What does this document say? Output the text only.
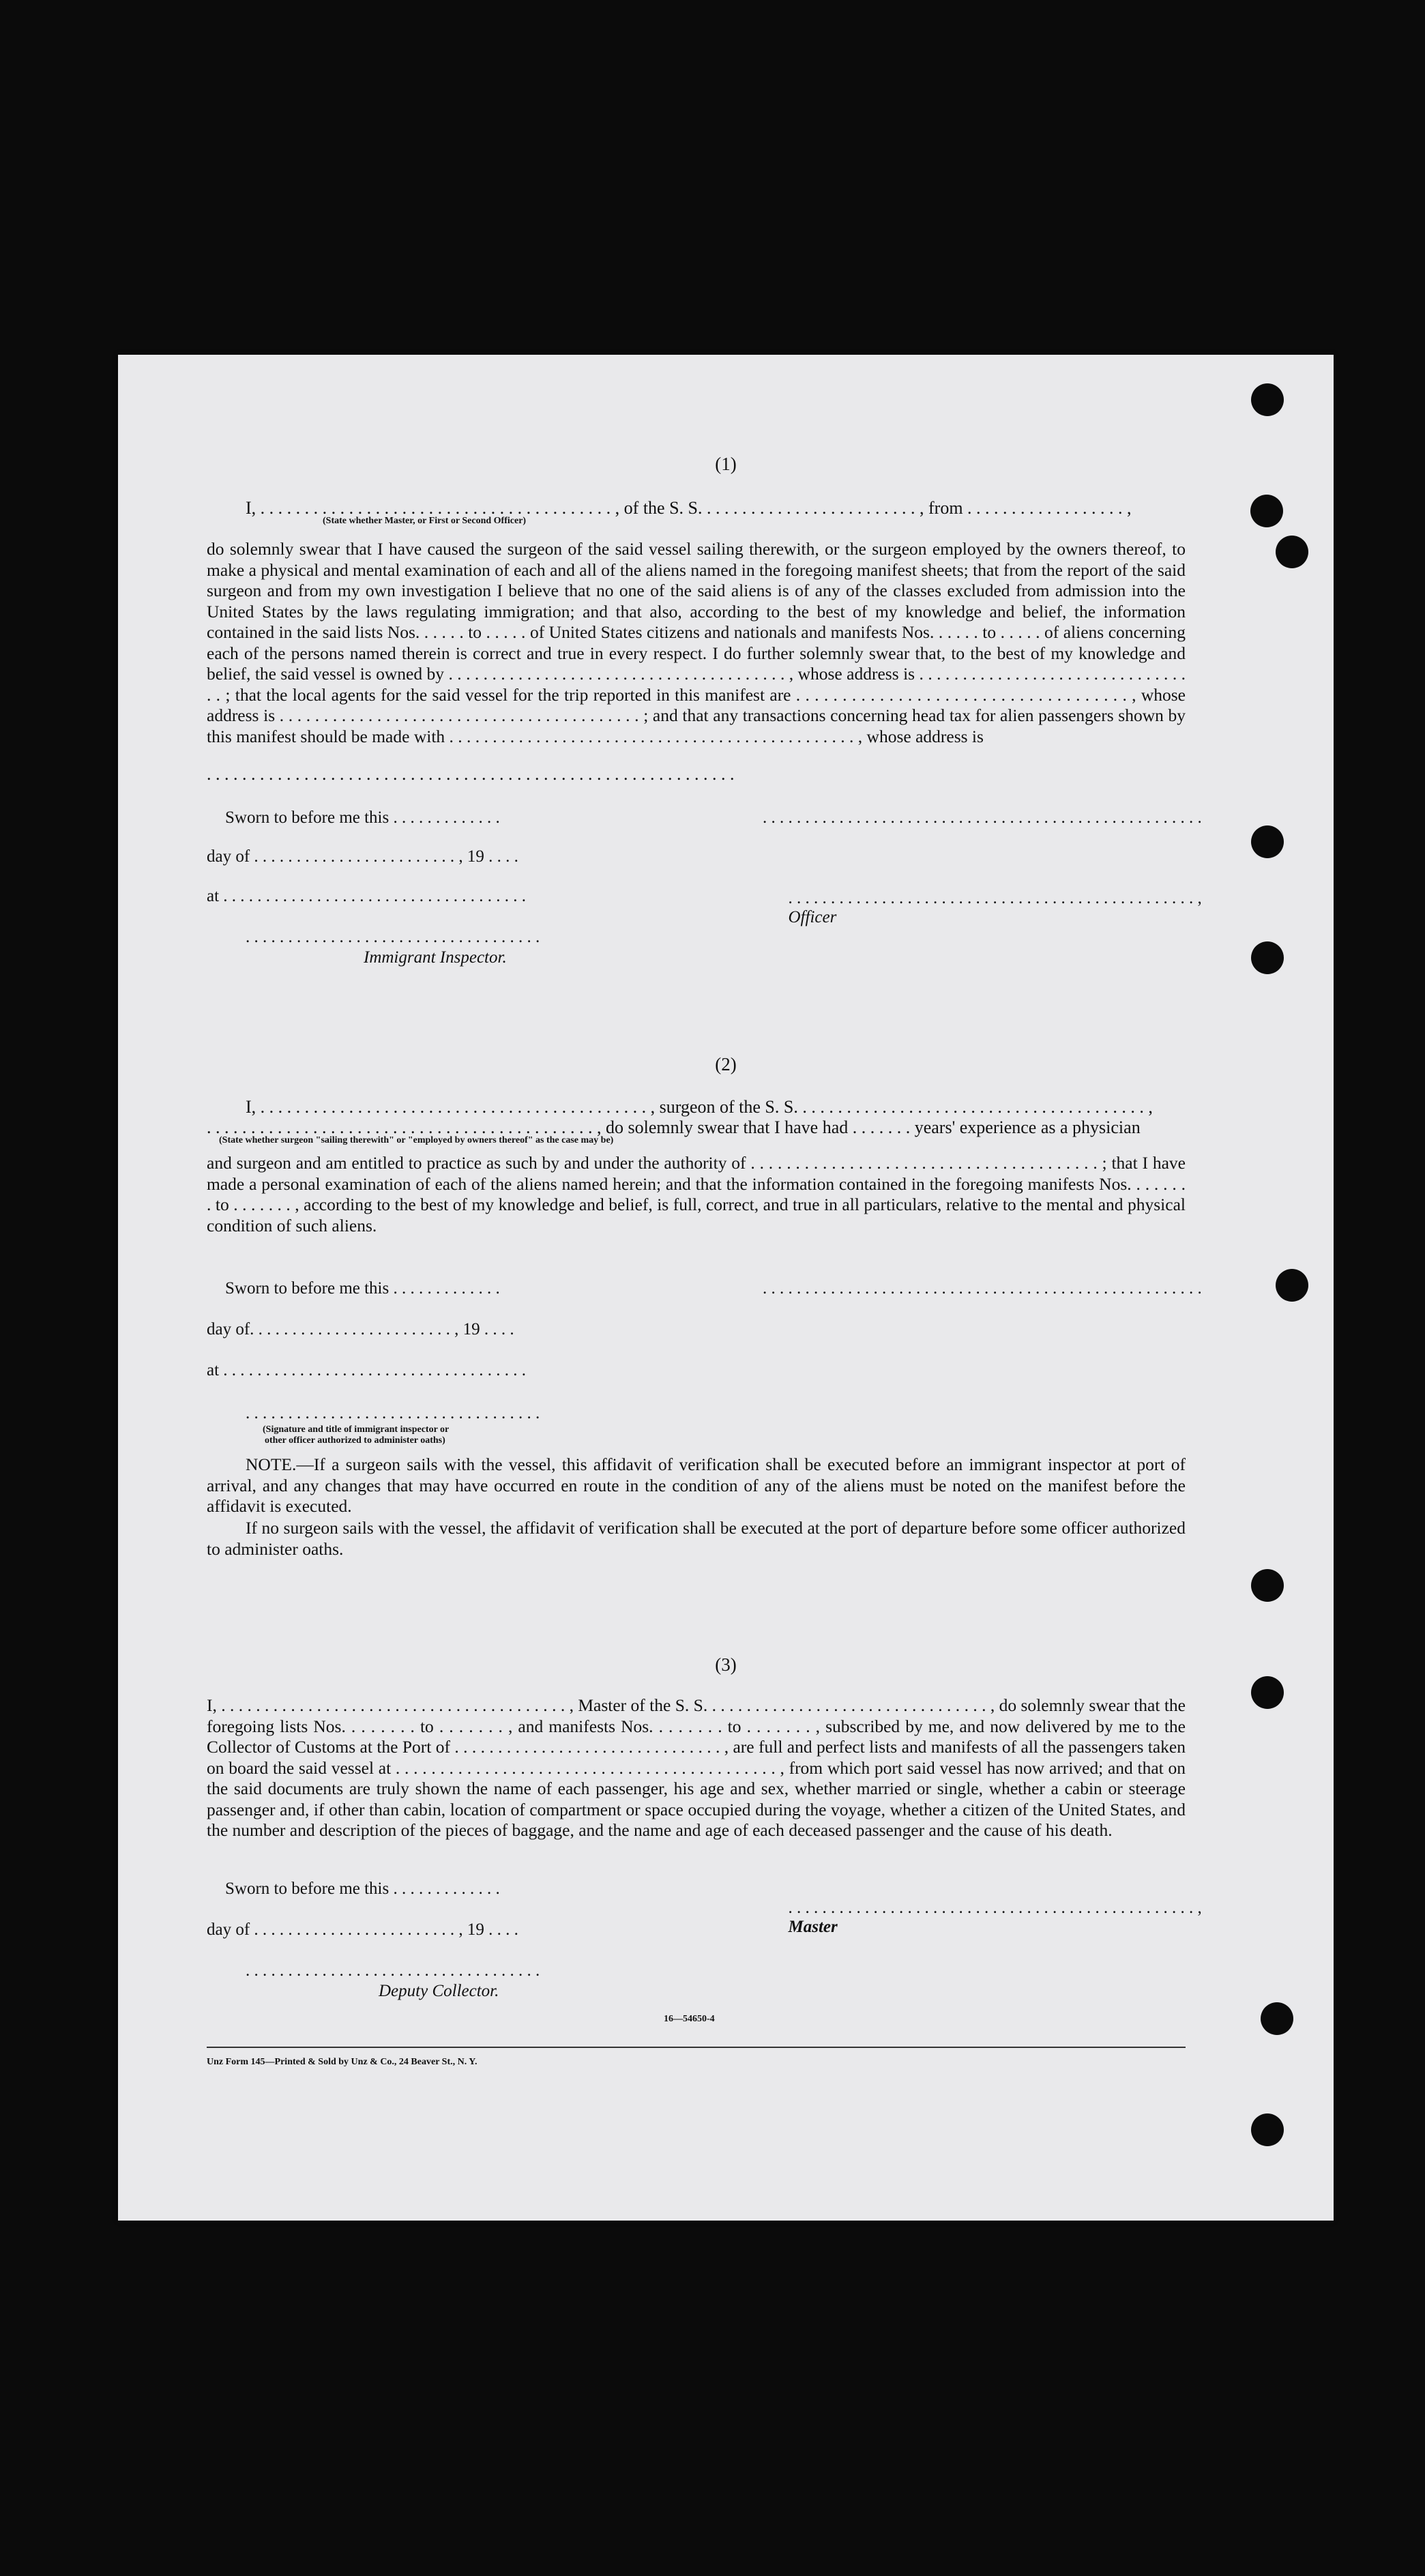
(1)
I, . . . . . . . . . . . . . . . . . . . . . . . . . . . . . . . . . . . . . . . . , of the S. S. . . . . . . . . . . . . . . . . . . . . . . . . , from . . . . . . . . . . . . . . . . . . ,
(State whether Master, or First or Second Officer)
do solemnly swear that I have caused the surgeon of the said vessel sailing therewith, or the surgeon employed by the owners thereof, to make a physical and mental examination of each and all of the aliens named in the foregoing manifest sheets; that from the report of the said surgeon and from my own investigation I believe that no one of the said aliens is of any of the classes excluded from admission into the United States by the laws regulating immigration; and that also, according to the best of my knowledge and belief, the information contained in the said lists Nos. . . . . . to . . . . . of United States citizens and nationals and manifests Nos. . . . . . to . . . . . of aliens concerning each of the persons named therein is correct and true in every respect. I do further solemnly swear that, to the best of my knowledge and belief, the said vessel is owned by . . . . . . . . . . . . . . . . . . . . . . . . . . . . . . . . . . . . . . . , whose address is . . . . . . . . . . . . . . . . . . . . . . . . . . . . . . . . . ; that the local agents for the said vessel for the trip reported in this manifest are . . . . . . . . . . . . . . . . . . . . . . . . . . . . . . . . . . . . , whose address is . . . . . . . . . . . . . . . . . . . . . . . . . . . . . . . . . . . . . . . . . ; and that any transactions concerning head tax for alien passengers shown by this manifest should be made with . . . . . . . . . . . . . . . . . . . . . . . . . . . . . . . . . . . . . . . . . . . . . . . , whose address is
. . . . . . . . . . . . . . . . . . . . . . . . . . . . . . . . . . . . . . . . . . . . . . . . . . . . . . . . . . . .
Sworn to before me this . . . . . . . . . . . . .	. . . . . . . . . . . . . . . . . . . . . . . . . . . . . . . . . . . . . . . . . . . . . . . . . . . .
day of . . . . . . . . . . . . . . . . . . . . . . . . , 19 . . . .

. . . . . . . . . . . . . . . . . . . . . . . . . . . . . . . . . . . . . . . . . . . . . . . . ,
Officer

at . . . . . . . . . . . . . . . . . . . . . . . . . . . . . . . . . . . .
. . . . . . . . . . . . . . . . . . . . . . . . . . . . . . . . . . .
Immigrant Inspector.
(2)
I, . . . . . . . . . . . . . . . . . . . . . . . . . . . . . . . . . . . . . . . . . . . . , surgeon of the S. S. . . . . . . . . . . . . . . . . . . . . . . . . . . . . . . . . . . . . . . . ,
. . . . . . . . . . . . . . . . . . . . . . . . . . . . . . . . . . . . . . . . . . . . , do solemnly swear that I have had . . . . . . . years' experience as a physician
(State whether surgeon "sailing therewith" or "employed by owners thereof" as the case may be)
and surgeon and am entitled to practice as such by and under the authority of . . . . . . . . . . . . . . . . . . . . . . . . . . . . . . . . . . . . . . . ; that I have made a personal examination of each of the aliens named herein; and that the information contained in the foregoing manifests Nos. . . . . . . . to . . . . . . . , according to the best of my knowledge and belief, is full, correct, and true in all particulars, relative to the mental and physical condition of such aliens.
Sworn to before me this . . . . . . . . . . . . .	. . . . . . . . . . . . . . . . . . . . . . . . . . . . . . . . . . . . . . . . . . . . . . . . . . . .
day of. . . . . . . . . . . . . . . . . . . . . . . . , 19 . . . .
at . . . . . . . . . . . . . . . . . . . . . . . . . . . . . . . . . . . .
. . . . . . . . . . . . . . . . . . . . . . . . . . . . . . . . . . .
(Signature and title of immigrant inspector or
other officer authorized to administer oaths)
NOTE.—If a surgeon sails with the vessel, this affidavit of verification shall be executed before an immigrant inspector at port of arrival, and any changes that may have occurred en route in the condition of any of the aliens must be noted on the manifest before the affidavit is executed.
If no surgeon sails with the vessel, the affidavit of verification shall be executed at the port of departure before some officer authorized to administer oaths.
(3)
I, . . . . . . . . . . . . . . . . . . . . . . . . . . . . . . . . . . . . . . . . , Master of the S. S. . . . . . . . . . . . . . . . . . . . . . . . . . . . . . . . . , do solemnly swear that the foregoing lists Nos. . . . . . . . to . . . . . . . , and manifests Nos. . . . . . . . to . . . . . . . , subscribed by me, and now delivered by me to the Collector of Customs at the Port of . . . . . . . . . . . . . . . . . . . . . . . . . . . . . . . , are full and perfect lists and manifests of all the passengers taken on board the said vessel at . . . . . . . . . . . . . . . . . . . . . . . . . . . . . . . . . . . . . . . . . . . , from which port said vessel has now arrived; and that on the said documents are truly shown the name of each passenger, his age and sex, whether married or single, whether a cabin or steerage passenger and, if other than cabin, location of compartment or space occupied during the voyage, whether a citizen of the United States, and the number and description of the pieces of baggage, and the name and age of each deceased passenger and the cause of his death.
Sworn to before me this . . . . . . . . . . . . .

. . . . . . . . . . . . . . . . . . . . . . . . . . . . . . . . . . . . . . . . . . . . . . . . ,
Master

day of . . . . . . . . . . . . . . . . . . . . . . . . , 19 . . . .
. . . . . . . . . . . . . . . . . . . . . . . . . . . . . . . . . . .
Deputy Collector.
16—54650-4
Unz Form 145—Printed & Sold by Unz & Co., 24 Beaver St., N. Y.
